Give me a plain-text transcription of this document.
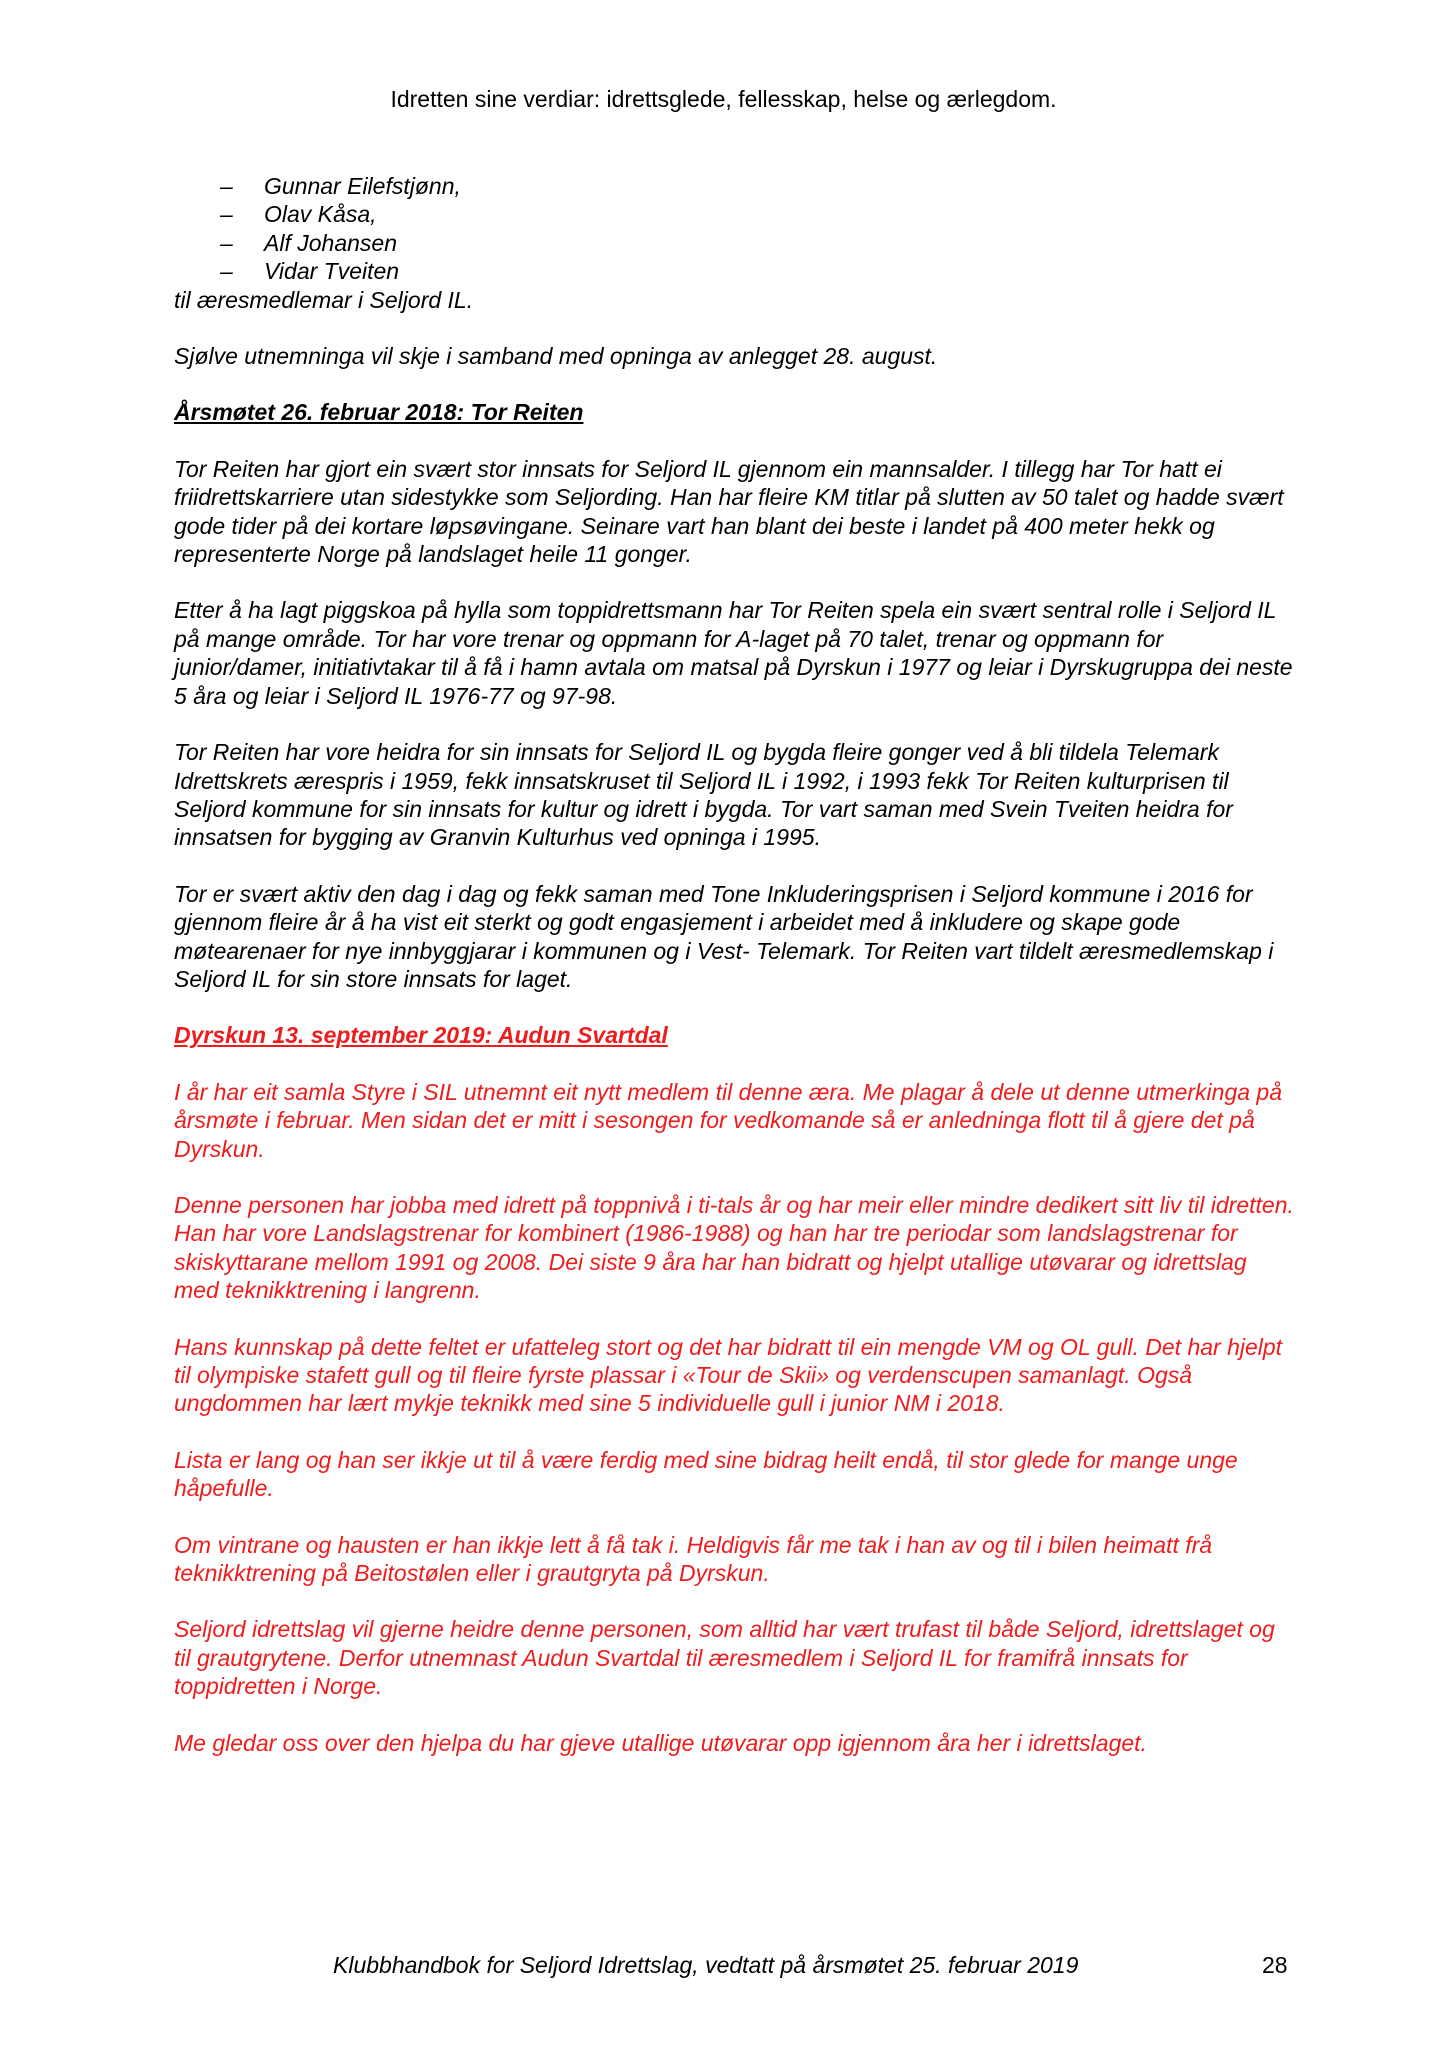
Idretten sine verdiar: idrettsglede, fellesskap, helse og ærlegdom.
– Gunnar Eilefstjønn,
– Olav Kåsa,
– Alf Johansen
– Vidar Tveiten

til æresmedlemar i Seljord IL.

Sjølve utnemninga vil skje i samband med opninga av anlegget 28. august.

Årsmøtet 26. februar 2018: Tor Reiten

Tor Reiten har gjort ein svært stor innsats for Seljord IL gjennom ein mannsalder. I tillegg har Tor hatt ei friidrettskarriere utan sidestykke som Seljording. Han har fleire KM titlar på slutten av 50 talet og hadde svært gode tider på dei kortare løpsøvingane. Seinare vart han blant dei beste i landet på 400 meter hekk og representerte Norge på landslaget heile 11 gonger.

Etter å ha lagt piggskoa på hylla som toppidrettsmann har Tor Reiten spela ein svært sentral rolle i Seljord IL på mange område. Tor har vore trenar og oppmann for A-laget på 70 talet, trenar og oppmann for junior/damer, initiativtakar til å få i hamn avtala om matsal på Dyrskun i 1977 og leiar i Dyrskugruppa dei neste 5 åra og leiar i Seljord IL 1976-77 og 97-98.

Tor Reiten har vore heidra for sin innsats for Seljord IL og bygda fleire gonger ved å bli tildela Telemark Idrettskrets ærespris i 1959, fekk innsatskruset til Seljord IL i 1992, i 1993 fekk Tor Reiten kulturprisen til Seljord kommune for sin innsats for kultur og idrett i bygda. Tor vart saman med Svein Tveiten heidra for innsatsen for bygging av Granvin Kulturhus ved opninga i 1995.

Tor er svært aktiv den dag i dag og fekk saman med Tone Inkluderingsprisen i Seljord kommune i 2016 for gjennom fleire år å ha vist eit sterkt og godt engasjement i arbeidet med å inkludere og skape gode møtearenaer for nye innbyggjarar i kommunen og i Vest- Telemark. Tor Reiten vart tildelt æresmedlemskap i Seljord IL for sin store innsats for laget.

Dyrskun 13. september 2019: Audun Svartdal

I år har eit samla Styre i SIL utnemnt eit nytt medlem til denne æra. Me plagar å dele ut denne utmerkinga på årsmøte i februar. Men sidan det er mitt i sesongen for vedkomande så er anledninga flott til å gjere det på Dyrskun.

Denne personen har jobba med idrett på toppnivå i ti-tals år og har meir eller mindre dedikert sitt liv til idretten. Han har vore Landslagstrenar for kombinert (1986-1988) og han har tre periodar som landslagstrenar for skiskyttarane mellom 1991 og 2008. Dei siste 9 åra har han bidratt og hjelpt utallige utøvarar og idrettslag med teknikktrening i langrenn.

Hans kunnskap på dette feltet er ufatteleg stort og det har bidratt til ein mengde VM og OL gull. Det har hjelpt til olympiske stafett gull og til fleire fyrste plassar i «Tour de Skii» og verdenscupen samanlagt. Også ungdommen har lært mykje teknikk med sine 5 individuelle gull i junior NM i 2018.

Lista er lang og han ser ikkje ut til å være ferdig med sine bidrag heilt endå, til stor glede for mange unge håpefulle.

Om vintrane og hausten er han ikkje lett å få tak i. Heldigvis får me tak i han av og til i bilen heimatt frå teknikktrening på Beitostølen eller i grautgryta på Dyrskun.

Seljord idrettslag vil gjerne heidre denne personen, som alltid har vært trufast til både Seljord, idrettslaget og til grautgrytene. Derfor utnemnast Audun Svartdal til æresmedlem i Seljord IL for framifrå innsats for toppidretten i Norge.

Me gledar oss over den hjelpa du har gjeve utallige utøvarar opp igjennom åra her i idrettslaget.

Klubbhandbok for Seljord Idrettslag, vedtatt på årsmøtet 25. februar 2019	28
